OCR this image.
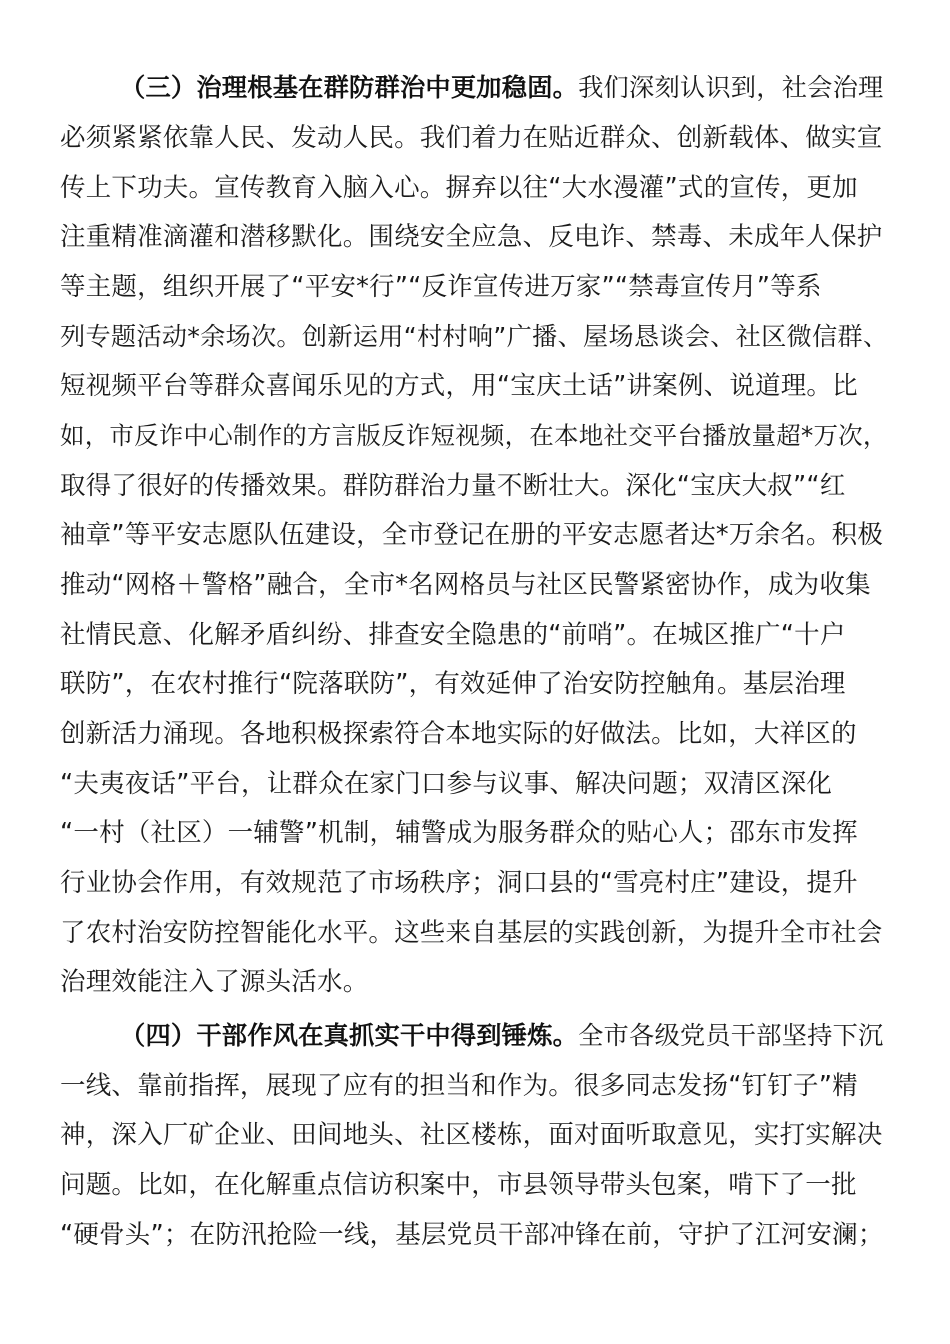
（三）治理根基在群防群治中更加稳固。我们深刻认识到，社会治理
必须紧紧依靠人民、发动人民。我们着力在贴近群众、创新载体、做实宣
传上下功夫。宣传教育入脑入心。摒弃以往“大水漫灌”式的宣传，更加
注重精准滴灌和潜移默化。围绕安全应急、反电诈、禁毒、未成年人保护
等主题，组织开展了“平安*行”“反诈宣传进万家”“禁毒宣传月”等系
列专题活动*余场次。创新运用“村村响”广播、屋场恳谈会、社区微信群、
短视频平台等群众喜闻乐见的方式，用“宝庆土话”讲案例、说道理。比
如，市反诈中心制作的方言版反诈短视频，在本地社交平台播放量超*万次，
取得了很好的传播效果。群防群治力量不断壮大。深化“宝庆大叔”“红
袖章”等平安志愿队伍建设，全市登记在册的平安志愿者达*万余名。积极
推动“网格＋警格”融合，全市*名网格员与社区民警紧密协作，成为收集
社情民意、化解矛盾纠纷、排查安全隐患的“前哨”。在城区推广“十户
联防”，在农村推行“院落联防”，有效延伸了治安防控触角。基层治理
创新活力涌现。各地积极探索符合本地实际的好做法。比如，大祥区的
“夫夷夜话”平台，让群众在家门口参与议事、解决问题；双清区深化
“一村（社区）一辅警”机制，辅警成为服务群众的贴心人；邵东市发挥
行业协会作用，有效规范了市场秩序；洞口县的“雪亮村庄”建设，提升
了农村治安防控智能化水平。这些来自基层的实践创新，为提升全市社会
治理效能注入了源头活水。
（四）干部作风在真抓实干中得到锤炼。全市各级党员干部坚持下沉
一线、靠前指挥，展现了应有的担当和作为。很多同志发扬“钉钉子”精
神，深入厂矿企业、田间地头、社区楼栋，面对面听取意见，实打实解决
问题。比如，在化解重点信访积案中，市县领导带头包案，啃下了一批
“硬骨头”；在防汛抢险一线，基层党员干部冲锋在前，守护了江河安澜；
